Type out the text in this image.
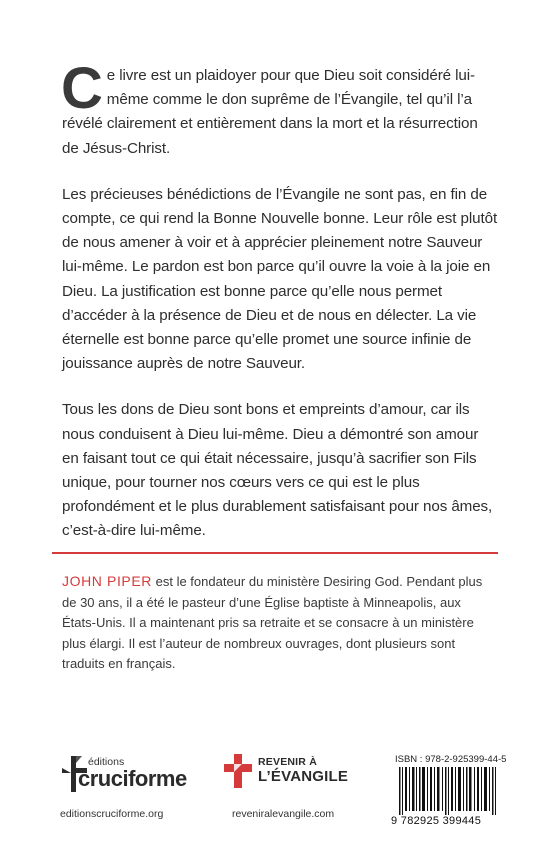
Ce livre est un plaidoyer pour que Dieu soit considéré lui-même comme le don suprême de l’Évangile, tel qu’il l’a révélé clairement et entièrement dans la mort et la résurrection de Jésus-Christ.

Les précieuses bénédictions de l’Évangile ne sont pas, en fin de compte, ce qui rend la Bonne Nouvelle bonne. Leur rôle est plutôt de nous amener à voir et à apprécier pleinement notre Sauveur lui-même. Le pardon est bon parce qu’il ouvre la voie à la joie en Dieu. La justification est bonne parce qu’elle nous permet d’accéder à la présence de Dieu et de nous en délecter. La vie éternelle est bonne parce qu’elle promet une source infinie de jouissance auprès de notre Sauveur.

Tous les dons de Dieu sont bons et empreints d’amour, car ils nous conduisent à Dieu lui-même. Dieu a démontré son amour en faisant tout ce qui était nécessaire, jusqu’à sacrifier son Fils unique, pour tourner nos cœurs vers ce qui est le plus profondément et le plus durablement satisfaisant pour nos âmes, c’est-à-dire lui-même.

JOHN PIPER est le fondateur du ministère Desiring God. Pendant plus de 30 ans, il a été le pasteur d’une Église baptiste à Minneapolis, aux États-Unis. Il a maintenant pris sa retraite et se consacre à un ministère plus élargi. Il est l’auteur de nombreux ouvrages, dont plusieurs sont traduits en français.
éditions
cruciforme
editionscruciforme.org
REVENIR À
L’ÉVANGILE
reveniralevangile.com
ISBN : 978-2-925399-44-5
9 782925 399445
